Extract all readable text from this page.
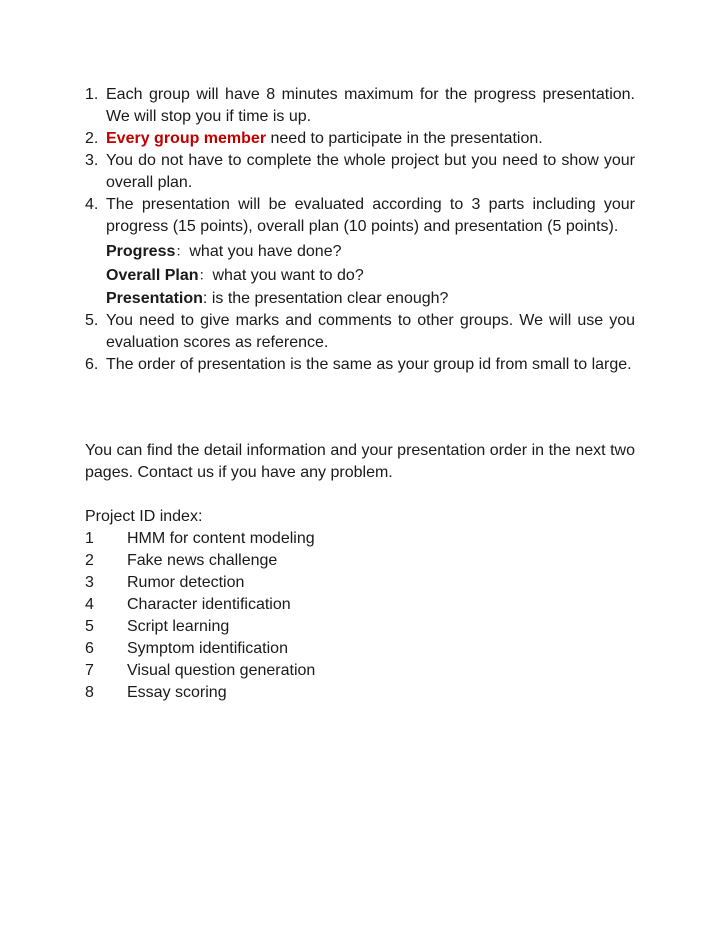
1. Each group will have 8 minutes maximum for the progress presentation. We will stop you if time is up.
2. Every group member need to participate in the presentation.
3. You do not have to complete the whole project but you need to show your overall plan.
4. The presentation will be evaluated according to 3 parts including your progress (15 points), overall plan (10 points) and presentation (5 points).
Progress：what you have done?
Overall Plan：what you want to do?
Presentation: is the presentation clear enough?
5. You need to give marks and comments to other groups. We will use you evaluation scores as reference.
6. The order of presentation is the same as your group id from small to large.

You can find the detail information and your presentation order in the next two pages. Contact us if you have any problem.

Project ID index:

1 HMM for content modeling
2 Fake news challenge
3 Rumor detection
4 Character identification
5 Script learning
6 Symptom identification
7 Visual question generation
8 Essay scoring
